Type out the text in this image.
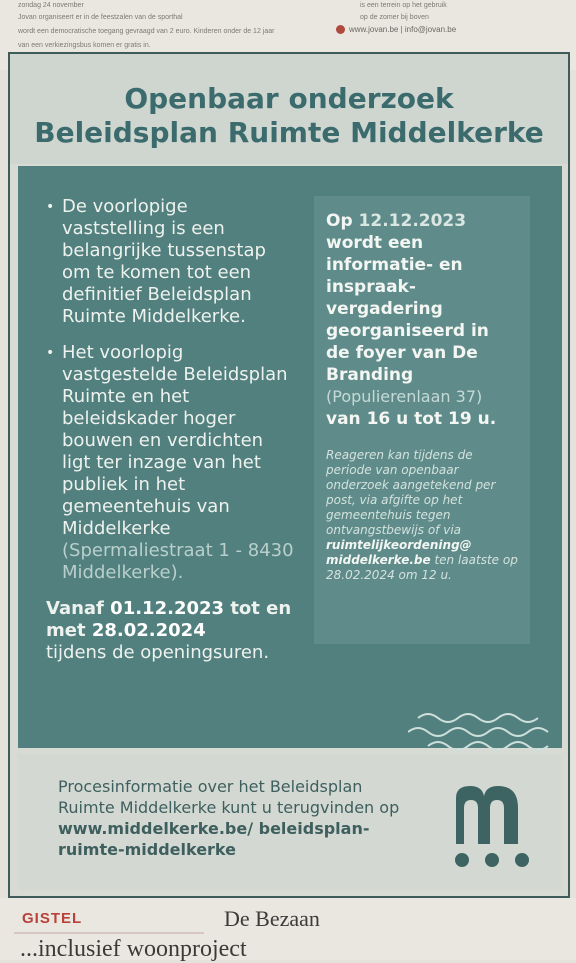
zondag 24 november
Jovan organiseert er in de feestzalen van de sporthal
wordt een democratische toegang gevraagd van 2 euro. Kinderen onder de 12 jaar
van een verkiezingsbus komen er gratis in.
is een terrein op het gebruik
op de zomer bij boven
www.jovan.be | info@jovan.be
Openbaar onderzoek
Beleidsplan Ruimte Middelkerke
• De voorlopige vaststelling is een belangrijke tussenstap om te komen tot een definitief Beleidsplan Ruimte Middelkerke.
• Het voorlopig vastgestelde Beleidsplan Ruimte en het beleidskader hoger bouwen en verdichten ligt ter inzage van het publiek in het gemeentehuis van Middelkerke (Spermaliestraat 1 - 8430 Middelkerke).
Vanaf 01.12.2023 tot en met 28.02.2024
tijdens de openingsuren.
Op 12.12.2023 wordt een informatie- en inspraak-vergadering georganiseerd in de foyer van De Branding
(Populierenlaan 37)
van 16 u tot 19 u.
Reageren kan tijdens de periode van openbaar onderzoek aangetekend per post, via afgifte op het gemeentehuis tegen ontvangstbewijs of via ruimtelijkeordening@ middelkerke.be ten laatste op 28.02.2024 om 12 u.
Procesinformatie over het Beleidsplan Ruimte Middelkerke kunt u terugvinden op
www.middelkerke.be/ beleidsplan-ruimte-middelkerke
GISTEL	De Bezaan
...inclusief woonproject
